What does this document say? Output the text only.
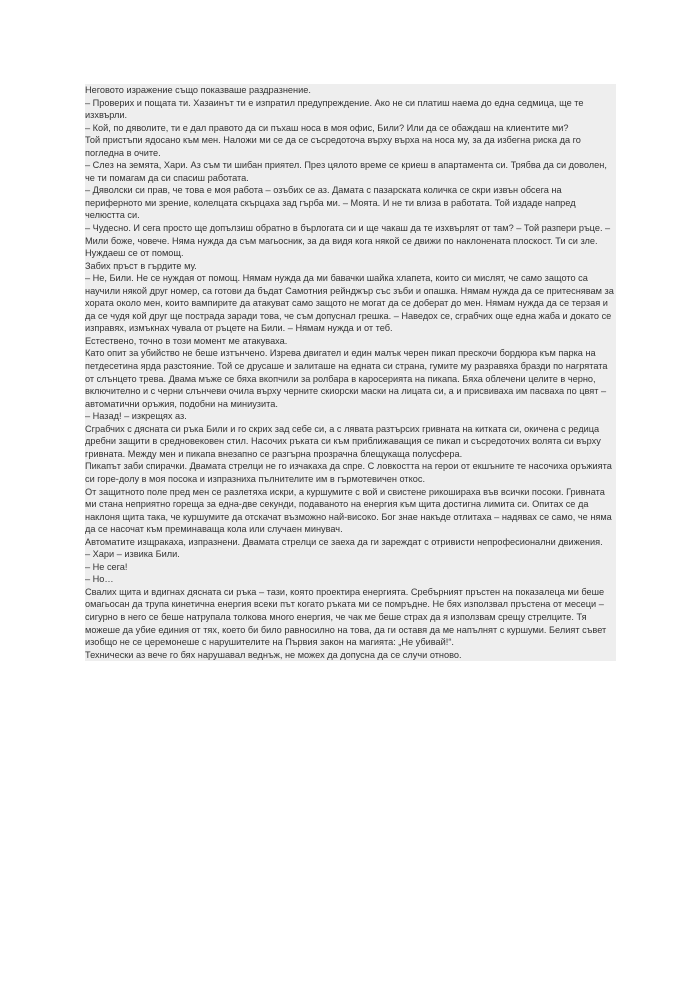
Неговото изражение също показваше раздразнение.

– Провериx и пощата ти. Хазаинът ти е изпратил предупреждение. Ако не си платиш наема до една седмица, ще те изхвърли.

– Кой, по дяволите, ти е дал правото да си пъхаш носа в моя офис, Били? Или да се обаждаш на клиентите ми?

Той пристъпи ядосано към мен. Наложи ми се да се съсредоточа върху върха на носа му, за да избегна риска да го погледна в очите.

– Слез на земята, Хари. Аз съм ти шибан приятел. През цялото време се криеш в апартамента си. Трябва да си доволен, че ти помагам да си спасиш работата.

– Дяволски си прав, че това е моя работа – озъбих се аз. Дамата с пазарската количка се скри извън обсега на периферното ми зрение, колелцата скърцаха зад гърба ми. – Моята. И не ти влиза в работата. Той издаде напред челюстта си.

– Чудесно. И сега просто ще допълзиш обратно в бърлогата си и ще чакаш да те изхвърлят от там? – Той разпери ръце. – Мили боже, човече. Няма нужда да съм магьосник, за да видя кога някой се движи по наклонената плоскост. Ти си зле. Нуждаеш се от помощ.

Забих пръст в гърдите му.

– Не, Били. Не се нуждая от помощ. Нямам нужда да ми бавачки шайка хлапета, които си мислят, че само защото са научили някой друг номер, са готови да бъдат Самотния рейнджър със зъби и опашка. Нямам нужда да се притеснявам за хората около мен, които вампирите да атакуват само защото не могат да се доберат до мен. Нямам нужда да се терзая и да се чудя кой друг ще пострада заради това, че съм допуснал грешка. – Наведох се, сграбчих още една жаба и докато се изправях, измъкнах чувала от ръцете на Били. – Нямам нужда и от теб.

Естествено, точно в този момент ме атакуваха.

Като опит за убийство не беше изтънчено. Изрева двигател и един малък черен пикап прескочи бордюра към парка на петдесетина ярда разстояние. Той се друсаше и залиташе на едната си страна, гумите му разравяха бразди по нагрятата от слънцето трева. Двама мъже се бяха вкопчили за ролбара в каросерията на пикапа. Бяха облечени целите в черно, включително и с черни слънчеви очила върху черните скиорски маски на лицата си, а и присвиваха им пасваха по цвят – автоматични оръжия, подобни на миниузита.

– Назад! – изкрещях аз.

Сграбчих с дясната си ръка Били и го скрих зад себе си, а с лявата разтърсих гривната на китката си, окичена с редица дребни защити в средновековен стил. Насочих ръката си към приближаващия се пикап и съсредоточих волята си върху гривната. Между мен и пикапа внезапно се разгърна прозрачна блещукаща полусфера.

Пикапът заби спирачки. Двамата стрелци не го изчакаха да спре. С ловкостта на герои от екшъните те насочиха оръжията си горе-долу в моя посока и изпразниха пълнителите им в гърмотевичен откос.

От защитното поле пред мен се разлетяха искри, а куршумите с вой и свистене рикошираха във всички посоки. Гривната ми стана неприятно гореща за една-две секунди, подаваното на енергия към щита достигна лимита си. Опитах се да наклоня щита така, че куршумите да отскачат възможно най-високо. Бог знае накъде отлитаха – надявах се само, че няма да се насочат към преминаваща кола или случаен минувач.

Автоматите изщракаха, изпразнени. Двамата стрелци се заеха да ги зареждат с отривисти непрофесионални движения.

– Хари – извика Били.

– Не сега!

– Но…

Свалих щита и вдигнах дясната си ръка – тази, която проектира енергията. Сребърният пръстен на показалеца ми беше омагьосан да трупа кинетична енергия всеки път когато ръката ми се помръдне. Не бях използвал пръстена от месеци – сигурно в него се беше натрупала толкова много енергия, че чак ме беше страх да я използвам срещу стрелците. Тя можеше да убие единия от тях, което би било равносилно на това, да ги оставя да ме напълнят с куршуми. Белият съвет изобщо не се церемонеше с нарушителите на Първия закон на магията: „Не убивай!“.

Технически аз вече го бях нарушавал веднъж, не можех да допусна да се случи отново.
